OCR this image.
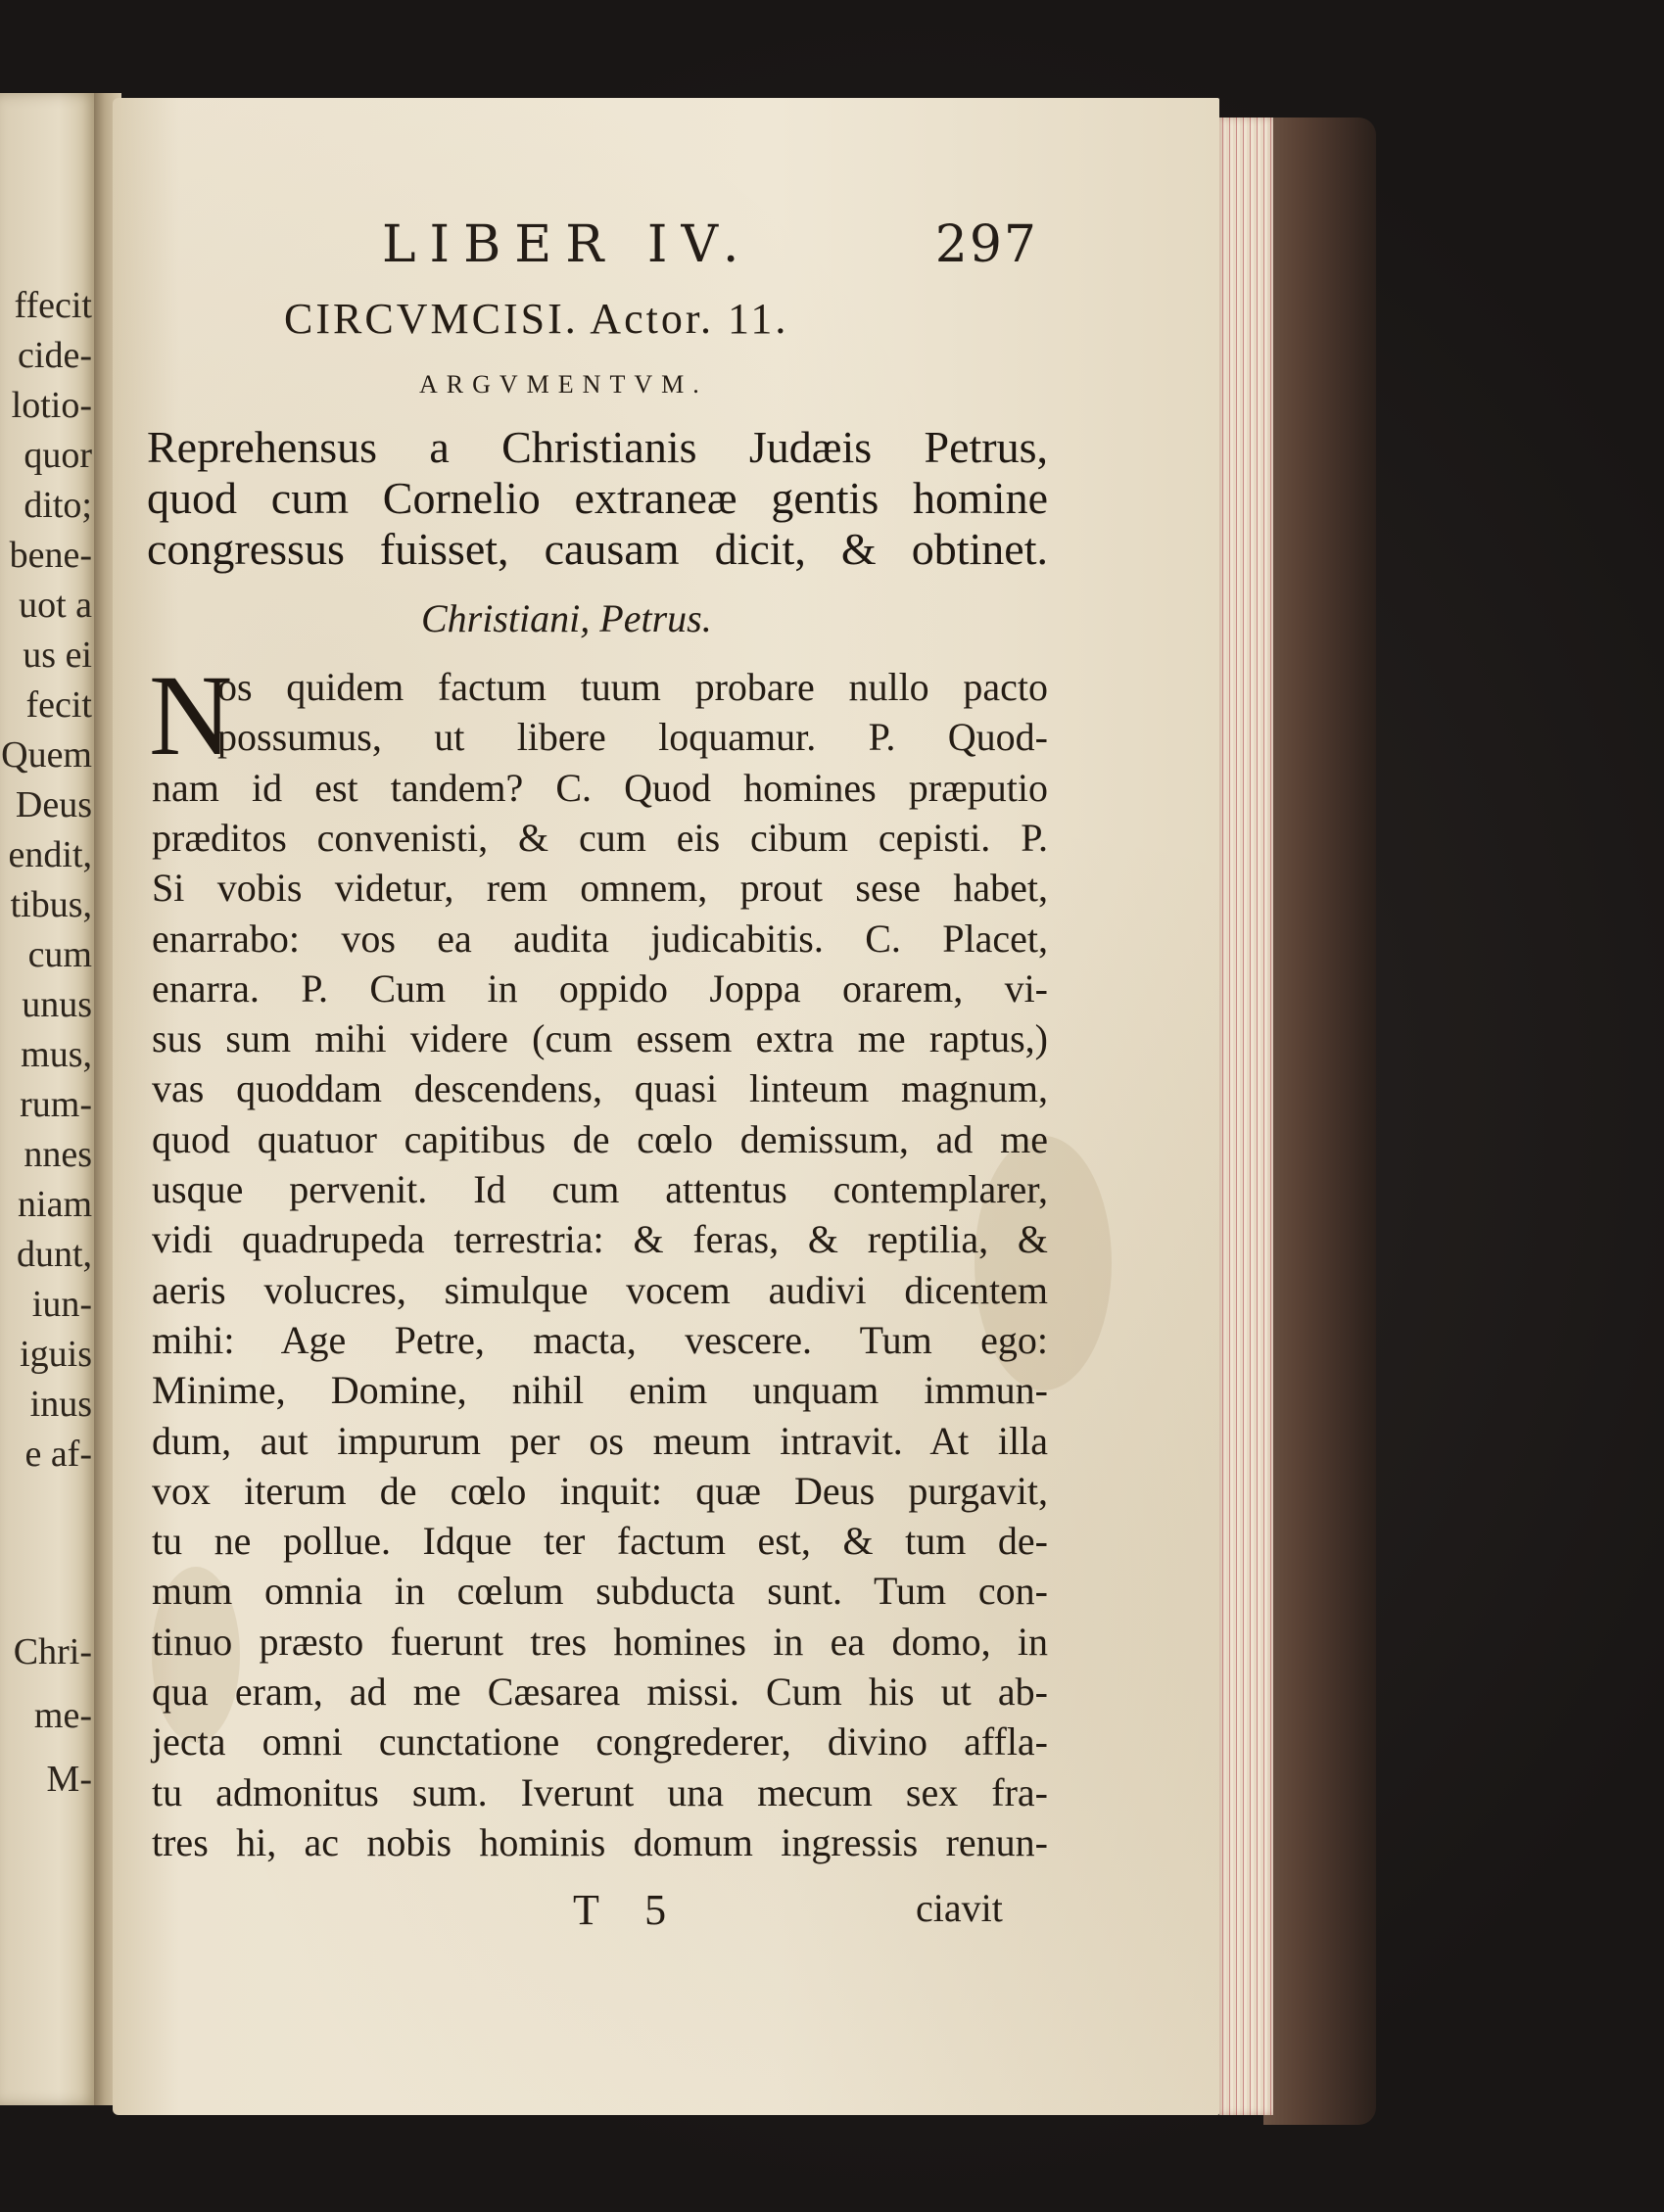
ffecit
cide-
lotio-
quor
dito;
bene-
uot a
us ei
fecit
Quem
Deus
endit,
tibus,
cum
unus
mus,
rum-
nnes
niam
dunt,
iun-
iguis
inus
e af-
Chri-
me-
M-
LIBER IV.	297
CIRCVMCISI. Actor. 11.
ARGVMENTVM.
Reprehensus a Christianis Judæis Petrus,
quod cum Cornelio extraneæ gentis homine
congressus fuisset, causam dicit, & obtinet.
Christiani, Petrus.
N
os quidem factum tuum probare nullo pacto
possumus, ut libere loquamur. P. Quod-
nam id est tandem? C. Quod homines præputio
præditos convenisti, & cum eis cibum cepisti. P.
Si vobis videtur, rem omnem, prout sese habet,
enarrabo: vos ea audita judicabitis. C. Placet,
enarra. P. Cum in oppido Joppa orarem, vi-
sus sum mihi videre (cum essem extra me raptus,)
vas quoddam descendens, quasi linteum magnum,
quod quatuor capitibus de cœlo demissum, ad me
usque pervenit. Id cum attentus contemplarer,
vidi quadrupeda terrestria: & feras, & reptilia, &
aeris volucres, simulque vocem audivi dicentem
mihi: Age Petre, macta, vescere. Tum ego:
Minime, Domine, nihil enim unquam immun-
dum, aut impurum per os meum intravit. At illa
vox iterum de cœlo inquit: quæ Deus purgavit,
tu ne pollue. Idque ter factum est, & tum de-
mum omnia in cœlum subducta sunt. Tum con-
tinuo præsto fuerunt tres homines in ea domo, in
qua eram, ad me Cæsarea missi. Cum his ut ab-
jecta omni cunctatione congrederer, divino affla-
tu admonitus sum. Iverunt una mecum sex fra-
tres hi, ac nobis hominis domum ingressis renun-
T 5	ciavit
